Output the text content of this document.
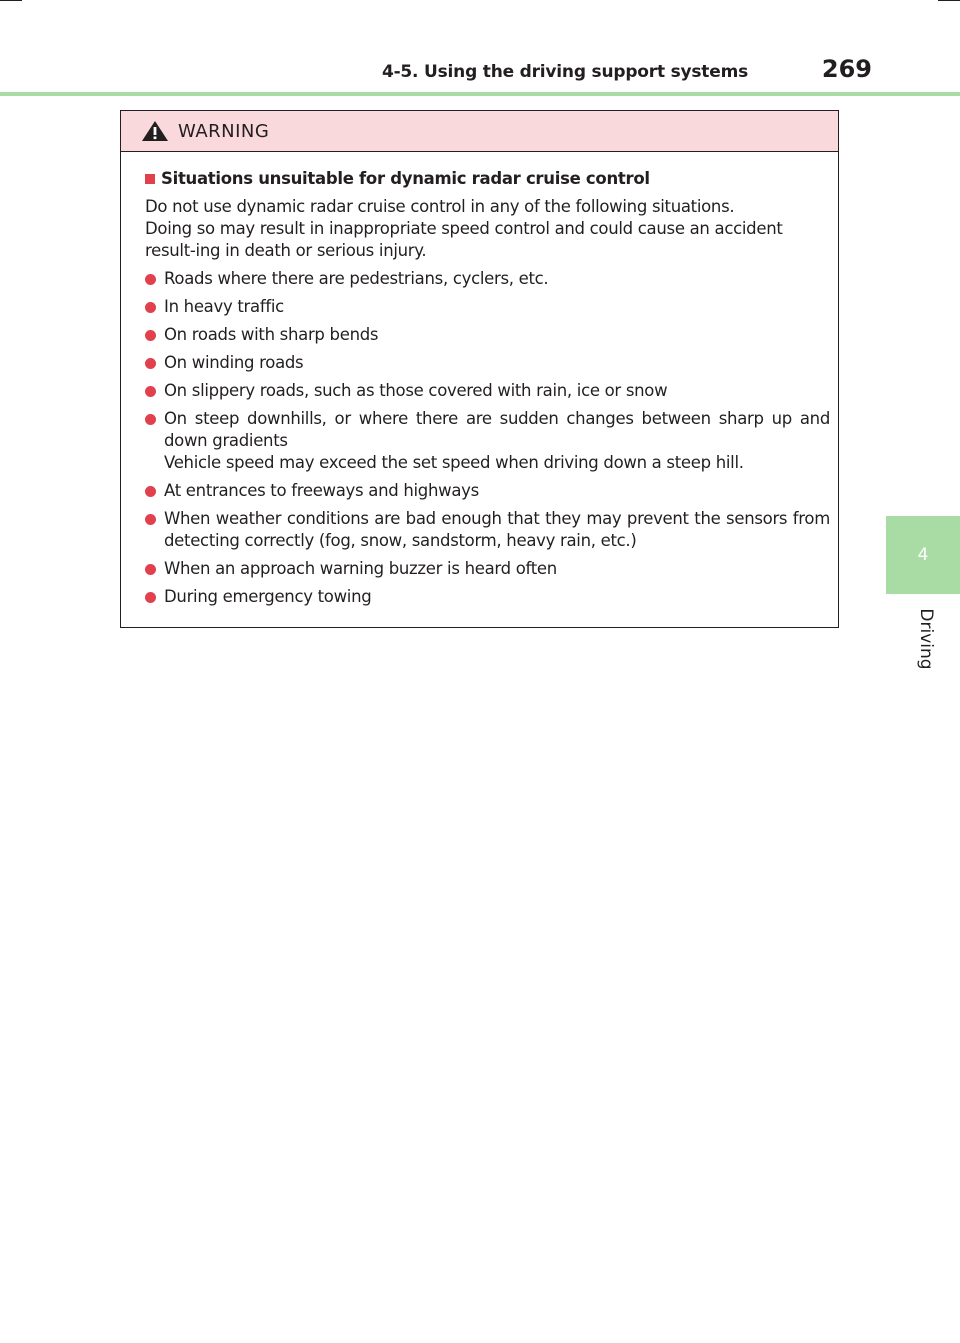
4-5. Using the driving support systems	269
4
Driving
WARNING
Situations unsuitable for dynamic radar cruise control
Do not use dynamic radar cruise control in any of the following situations.
Doing so may result in inappropriate speed control and could cause an accident result-ing in death or serious injury.
Roads where there are pedestrians, cyclers, etc.
In heavy traffic
On roads with sharp bends
On winding roads
On slippery roads, such as those covered with rain, ice or snow
On steep downhills, or where there are sudden changes between sharp up and down gradients
Vehicle speed may exceed the set speed when driving down a steep hill.
At entrances to freeways and highways
When weather conditions are bad enough that they may prevent the sensors from detecting correctly (fog, snow, sandstorm, heavy rain, etc.)
When an approach warning buzzer is heard often
During emergency towing
